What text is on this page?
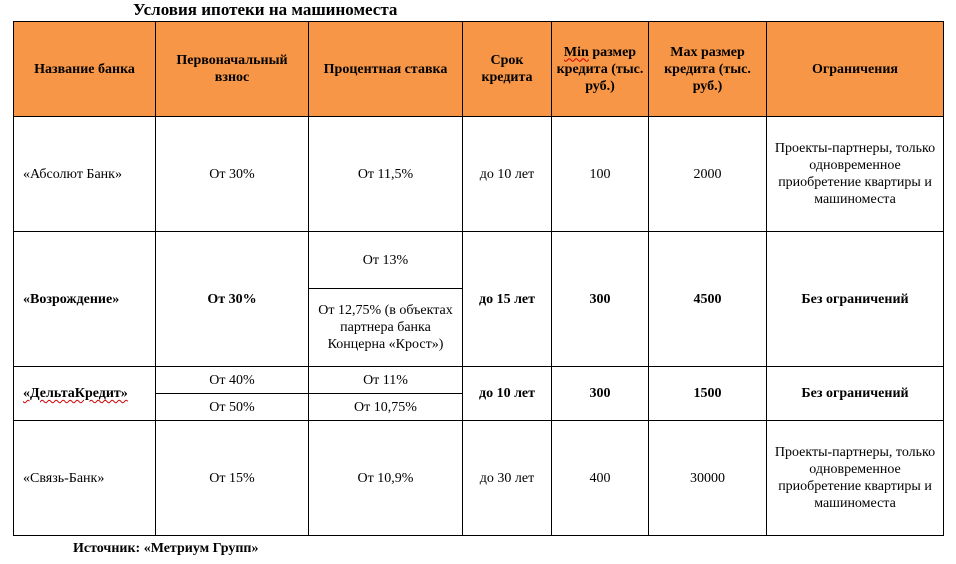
Условия ипотеки на машиноместа
Название банка	Первоначальный взнос	Процентная ставка	Срок кредита	Min размер кредита (тыс. руб.)	Max размер кредита (тыс. руб.)	Ограничения
«Абсолют Банк»	От 30%	От 11,5%	до 10 лет	100	2000	Проекты-партнеры, только одновременное приобретение квартиры и машиноместа
«Возрождение»	От 30%	От 13%	до 15 лет	300	4500	Без ограничений
		От 12,75% (в объектах партнера банка Концерна «Крост»)				
«ДельтаКредит»	От 40%	От 11%	до 10 лет	300	1500	Без ограничений
	От 50%	От 10,75%				
«Связь-Банк»	От 15%	От 10,9%	до 30 лет	400	30000	Проекты-партнеры, только одновременное приобретение квартиры и машиноместа
Источник: «Метриум Групп»
